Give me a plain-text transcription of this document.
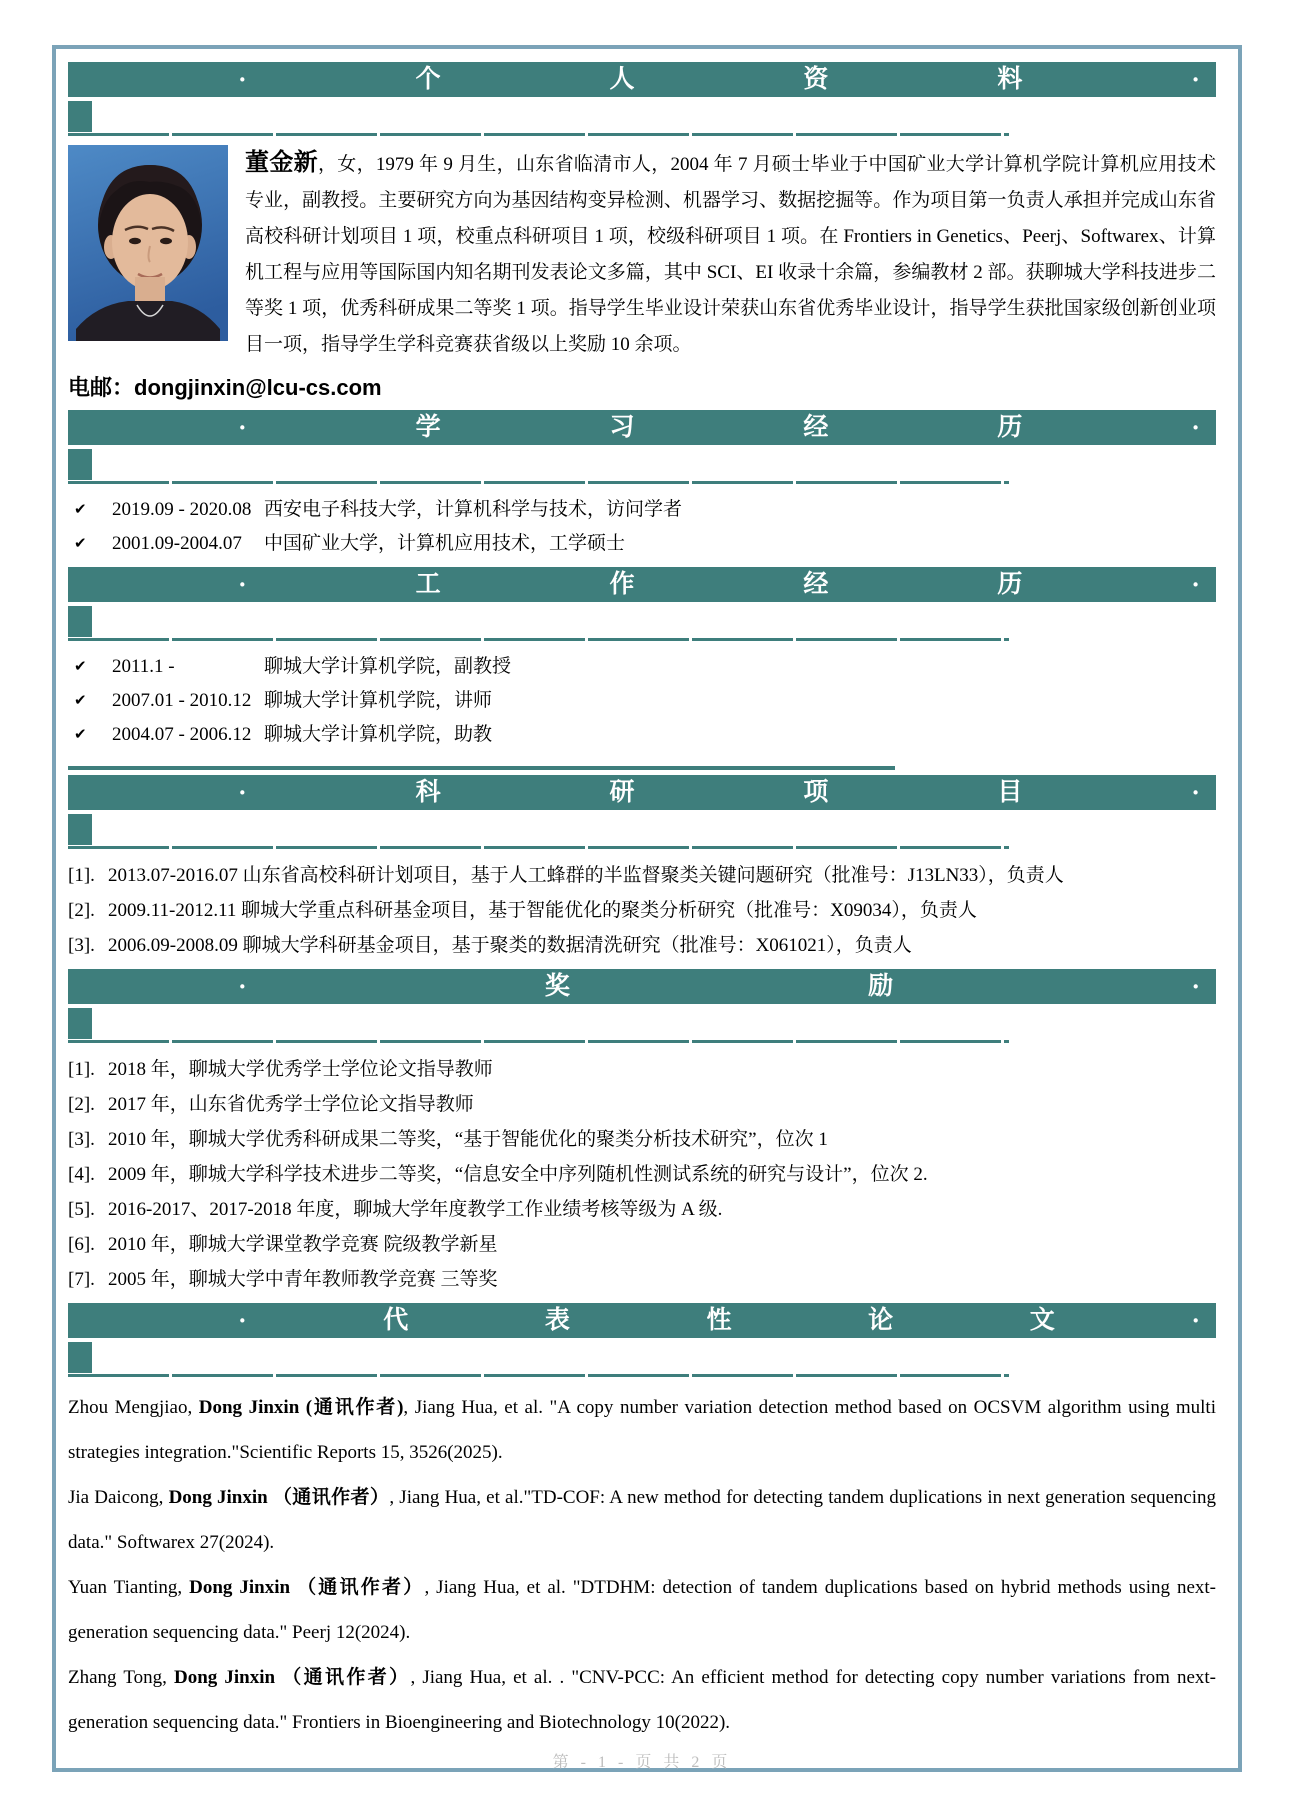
·	个	人	资	料	·
董金新，女，1979 年 9 月生，山东省临清市人，2004 年 7 月硕士毕业于中国矿业大学计算机学院计算机应用技术专业，副教授。主要研究方向为基因结构变异检测、机器学习、数据挖掘等。作为项目第一负责人承担并完成山东省高校科研计划项目 1 项，校重点科研项目 1 项，校级科研项目 1 项。在 Frontiers in Genetics、Peerj、Softwarex、计算机工程与应用等国际国内知名期刊发表论文多篇，其中 SCI、EI 收录十余篇，参编教材 2 部。获聊城大学科技进步二等奖 1 项，优秀科研成果二等奖 1 项。指导学生毕业设计荣获山东省优秀毕业设计，指导学生获批国家级创新创业项目一项，指导学生学科竞赛获省级以上奖励 10 余项。
电邮：dongjinxin@lcu-cs.com
·	学	习	经	历	·
✔	2019.09 - 2020.08 西安电子科技大学，计算机科学与技术，访问学者
✔	2001.09-2004.07	中国矿业大学，计算机应用技术，工学硕士
·	工	作	经	历	·
✔	2011.1 -	聊城大学计算机学院，副教授
✔	2007.01 - 2010.12 聊城大学计算机学院，讲师
✔	2004.07 - 2006.12 聊城大学计算机学院，助教
·	科	研	项	目	·
[1]. 2013.07-2016.07 山东省高校科研计划项目，基于人工蜂群的半监督聚类关键问题研究（批准号：J13LN33），负责人
[2]. 2009.11-2012.11 聊城大学重点科研基金项目，基于智能优化的聚类分析研究（批准号：X09034），负责人
[3]. 2006.09-2008.09 聊城大学科研基金项目，基于聚类的数据清洗研究（批准号：X061021），负责人
·	奖	励	·
[1]. 2018 年，聊城大学优秀学士学位论文指导教师
[2]. 2017 年，山东省优秀学士学位论文指导教师
[3]. 2010 年，聊城大学优秀科研成果二等奖，“基于智能优化的聚类分析技术研究”，位次 1
[4]. 2009 年，聊城大学科学技术进步二等奖，“信息安全中序列随机性测试系统的研究与设计”，位次 2.
[5]. 2016-2017、2017-2018 年度，聊城大学年度教学工作业绩考核等级为 A 级.
[6]. 2010 年，聊城大学课堂教学竞赛 院级教学新星
[7]. 2005 年，聊城大学中青年教师教学竞赛 三等奖
·	代	表	性	论	文	·

Zhou Mengjiao, Dong Jinxin (通讯作者), Jiang Hua, et al. "A copy number variation detection method based on OCSVM algorithm using multi strategies integration."Scientific Reports 15, 3526(2025).

Jia Daicong, Dong Jinxin （通讯作者）, Jiang Hua, et al."TD-COF: A new method for detecting tandem duplications in next generation sequencing data." Softwarex 27(2024).

Yuan Tianting, Dong Jinxin （通讯作者）, Jiang Hua, et al. "DTDHM: detection of tandem duplications based on hybrid methods using next-generation sequencing data." Peerj 12(2024).

Zhang Tong, Dong Jinxin （通讯作者）, Jiang Hua, et al. . "CNV-PCC: An efficient method for detecting copy number variations from next-generation sequencing data." Frontiers in Bioengineering and Biotechnology 10(2022).

第 - 1 - 页 共 2 页
